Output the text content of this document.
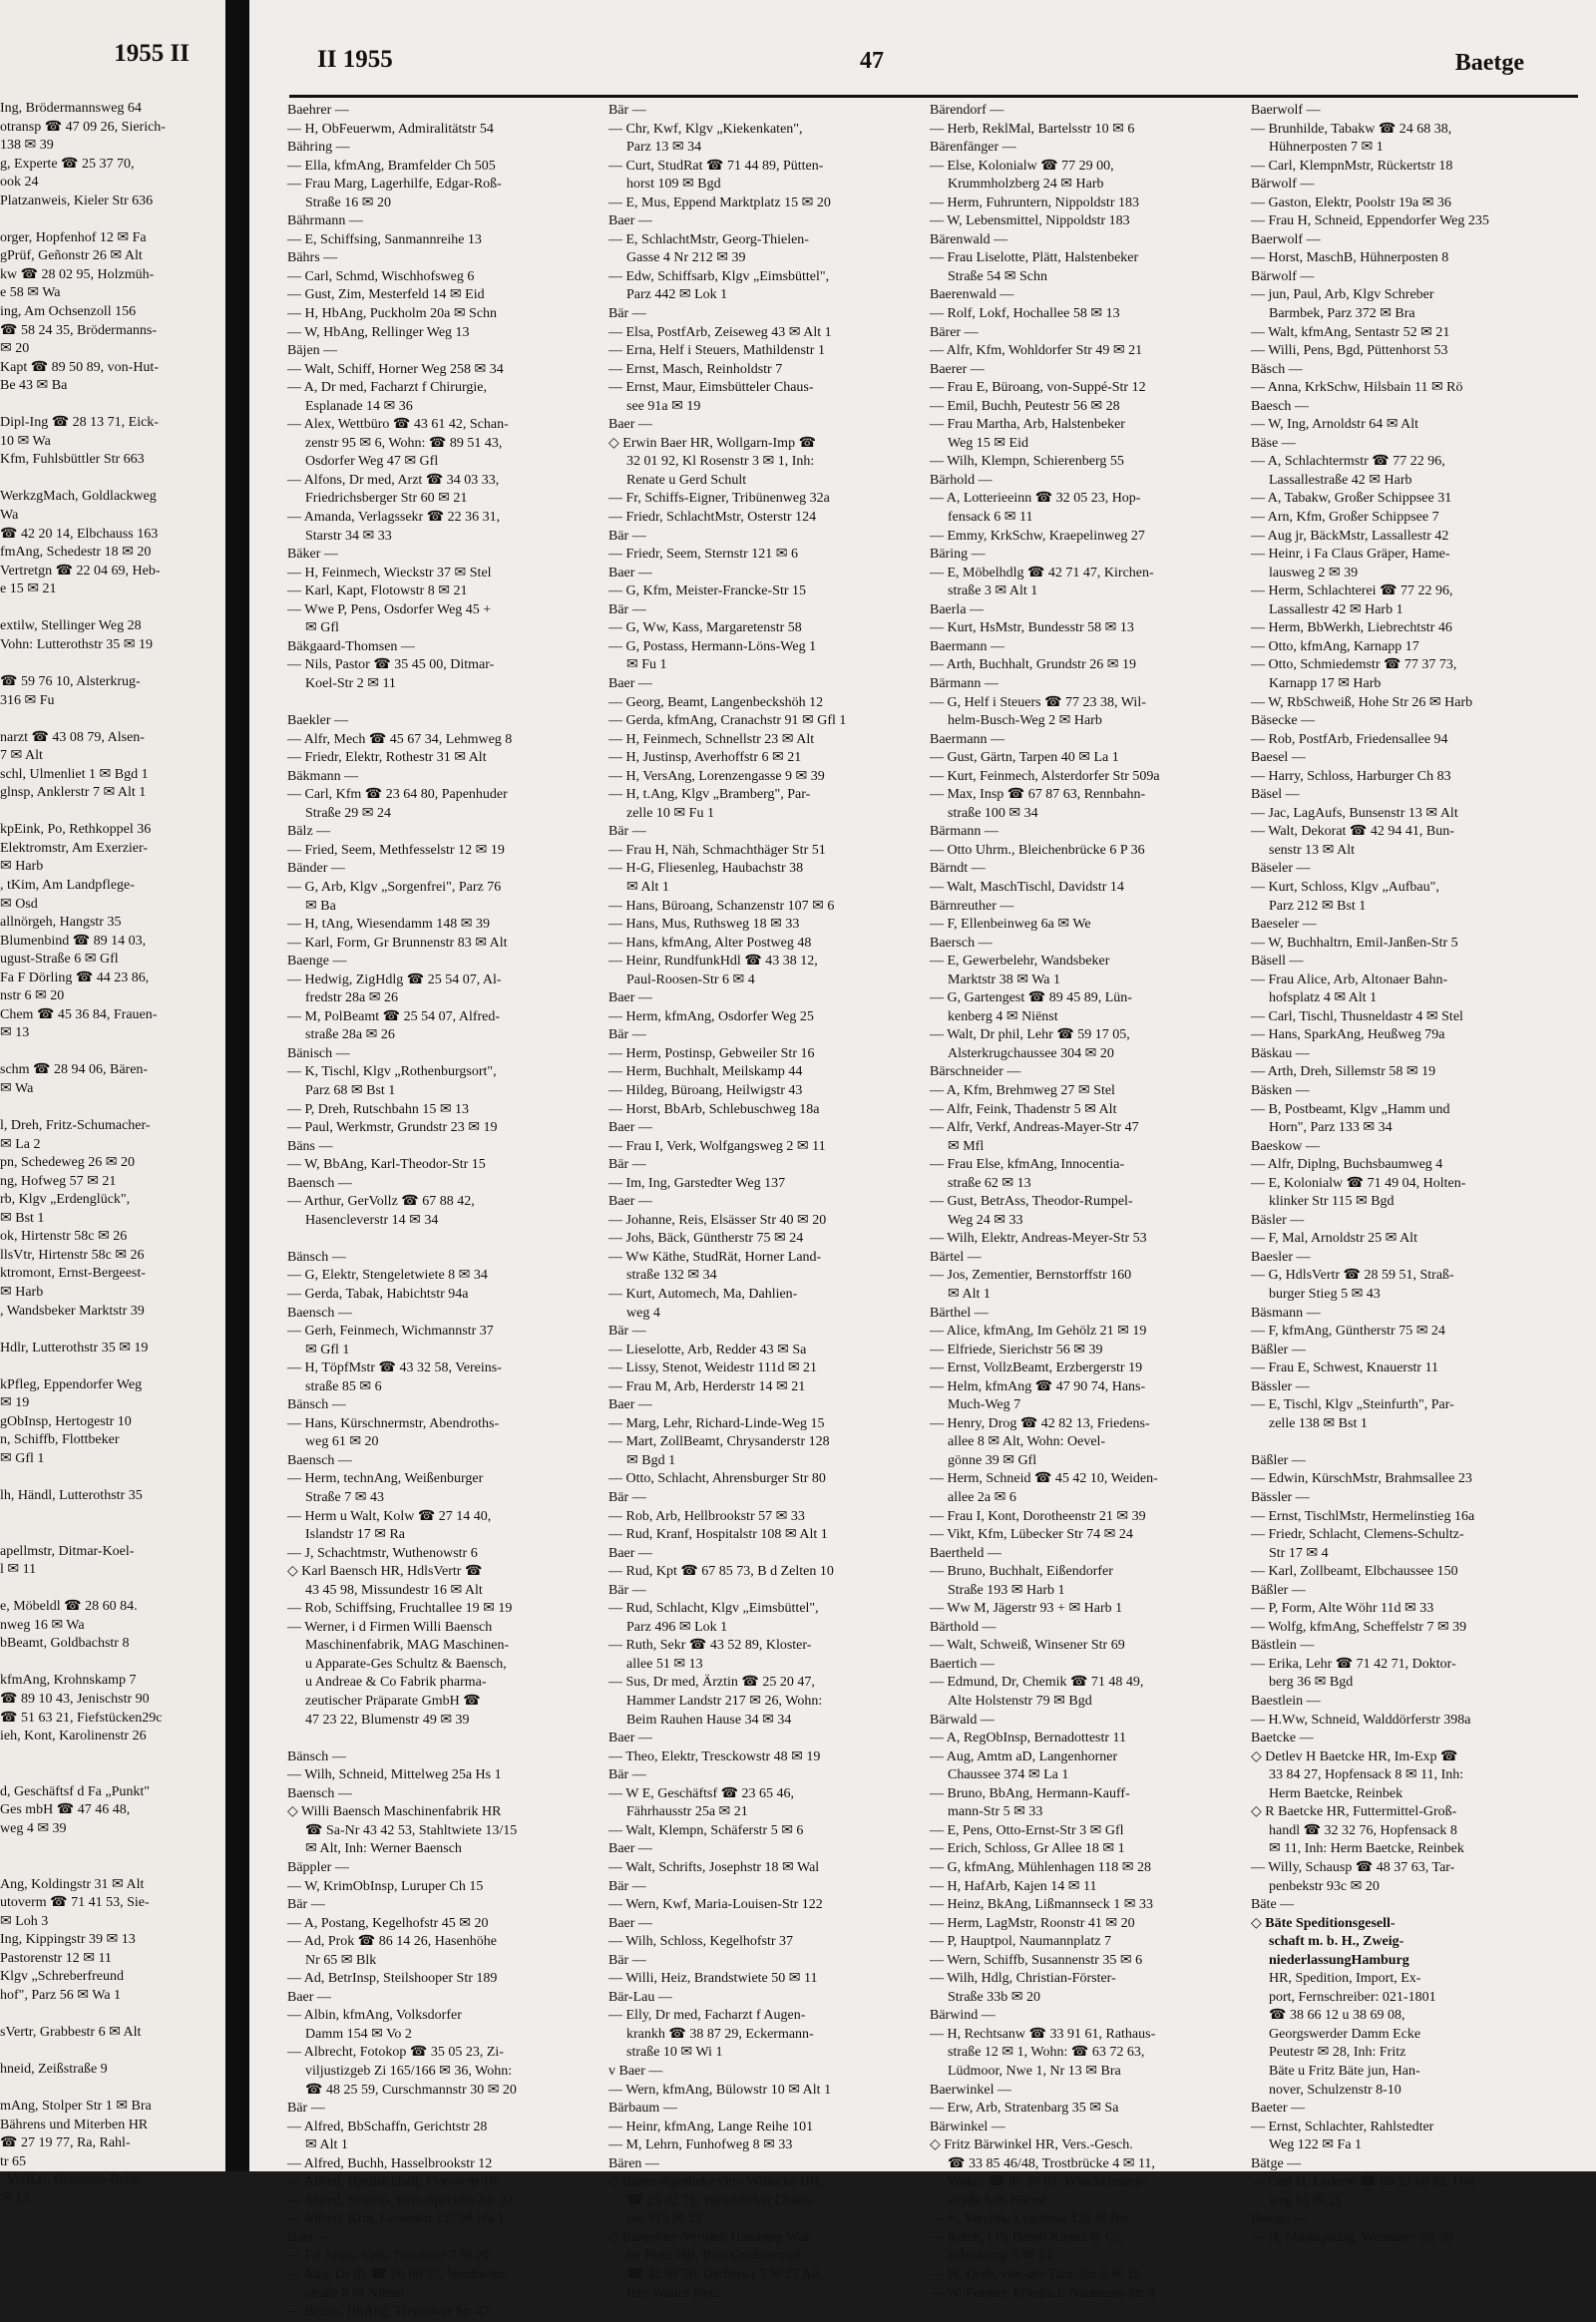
1955 II
Ing, Brödermannsweg 64
otransp ☎ 47 09 26, Sierich-
138 ✉ 39
g, Experte ☎ 25 37 70,
ook 24
Platzanweis, Kieler Str 636

orger, Hopfenhof 12 ✉ Fa
gPrüf, Geñonstr 26 ✉ Alt
kw ☎ 28 02 95, Holzmüh-
e 58 ✉ Wa
ing, Am Ochsenzoll 156
☎ 58 24 35, Brödermanns-
✉ 20
Kapt ☎ 89 50 89, von-Hut-
Be 43 ✉ Ba

Dipl-Ing ☎ 28 13 71, Eick-
10 ✉ Wa
Kfm, Fuhlsbüttler Str 663

WerkzgMach, Goldlackweg
Wa
☎ 42 20 14, Elbchauss 163
fmAng, Schedestr 18 ✉ 20
Vertretgn ☎ 22 04 69, Heb-
e 15 ✉ 21

extilw, Stellinger Weg 28
Vohn: Lutterothstr 35 ✉ 19

☎ 59 76 10, Alsterkrug-
316 ✉ Fu

narzt ☎ 43 08 79, Alsen-
7 ✉ Alt
schl, Ulmenliet 1 ✉ Bgd 1
glnsp, Anklerstr 7 ✉ Alt 1

kpEink, Po, Rethkoppel 36
Elektromstr, Am Exerzier-
✉ Harb
, tKim, Am Landpflege-
✉ Osd
allnörgeh, Hangstr 35
Blumenbind ☎ 89 14 03,
ugust-Straße 6 ✉ Gfl
Fa F Dörling ☎ 44 23 86,
nstr 6 ✉ 20
Chem ☎ 45 36 84, Frauen-
✉ 13

schm ☎ 28 94 06, Bären-
✉ Wa

l, Dreh, Fritz-Schumacher-
✉ La 2
pn, Schedeweg 26 ✉ 20
ng, Hofweg 57 ✉ 21
rb, Klgv „Erdenglück",
✉ Bst 1
ok, Hirtenstr 58c ✉ 26
llsVtr, Hirtenstr 58c ✉ 26
ktromont, Ernst-Bergeest-
✉ Harb
, Wandsbeker Marktstr 39

Hdlr, Lutterothstr 35 ✉ 19

kPfleg, Eppendorfer Weg
✉ 19
gObInsp, Hertogestr 10
n, Schiffb, Flottbeker
✉ Gfl 1

lh, Händl, Lutterothstr 35

apellmstr, Ditmar-Koel-
l ✉ 11

e, Möbeldl ☎ 28 60 84.
nweg 16 ✉ Wa
bBeamt, Goldbachstr 8

kfmAng, Krohnskamp 7
☎ 89 10 43, Jenischstr 90
☎ 51 63 21, Fiefstücken29c
ieh, Kont, Karolinenstr 26

d, Geschäftsf d Fa „Punkt"
Ges mbH ☎ 47 46 48,
weg 4 ✉ 39

Ang, Koldingstr 31 ✉ Alt
utoverm ☎ 71 41 53, Sie-
✉ Loh 3
Ing, Kippingstr 39 ✉ 13
Pastorenstr 12 ✉ 11
Klgv „Schreberfreund
hof", Parz 56 ✉ Wa 1

sVertr, Grabbestr 6 ✉ Alt

hneid, Zeißstraße 9

mAng, Stolper Str 1 ✉ Bra
Bährens und Miterben HR
☎ 27 19 77, Ra, Rahl-
tr 65
, VerlLtr, Hermann-Behn-
✉ 13
II 1955	47	Baetge
Baehrer —
— H, ObFeuerwm, Admiralitätstr 54
Bähring —
— Ella, kfmAng, Bramfelder Ch 505
— Frau Marg, Lagerhilfe, Edgar-Roß-
Straße 16 ✉ 20
Bährmann —
— E, Schiffsing, Sanmannreihe 13
Bährs —
— Carl, Schmd, Wischhofsweg 6
— Gust, Zim, Mesterfeld 14 ✉ Eid
— H, HbAng, Puckholm 20a ✉ Schn
— W, HbAng, Rellinger Weg 13
Bäjen —
— Walt, Schiff, Horner Weg 258 ✉ 34
— A, Dr med, Facharzt f Chirurgie,
Esplanade 14 ✉ 36
— Alex, Wettbüro ☎ 43 61 42, Schan-
zenstr 95 ✉ 6, Wohn: ☎ 89 51 43,
Osdorfer Weg 47 ✉ Gfl
— Alfons, Dr med, Arzt ☎ 34 03 33,
Friedrichsberger Str 60 ✉ 21
— Amanda, Verlagssekr ☎ 22 36 31,
Starstr 34 ✉ 33
Bäker —
— H, Feinmech, Wieckstr 37 ✉ Stel
— Karl, Kapt, Flotowstr 8 ✉ 21
— Wwe P, Pens, Osdorfer Weg 45 +
✉ Gfl
Bäkgaard-Thomsen —
— Nils, Pastor ☎ 35 45 00, Ditmar-
Koel-Str 2 ✉ 11

Baekler —
— Alfr, Mech ☎ 45 67 34, Lehmweg 8
— Friedr, Elektr, Rothestr 31 ✉ Alt
Bäkmann —
— Carl, Kfm ☎ 23 64 80, Papenhuder
Straße 29 ✉ 24
Bälz —
— Fried, Seem, Methfesselstr 12 ✉ 19
Bänder —
— G, Arb, Klgv „Sorgenfrei", Parz 76
✉ Ba
— H, tAng, Wiesendamm 148 ✉ 39
— Karl, Form, Gr Brunnenstr 83 ✉ Alt
Baenge —
— Hedwig, ZigHdlg ☎ 25 54 07, Al-
fredstr 28a ✉ 26
— M, PolBeamt ☎ 25 54 07, Alfred-
straße 28a ✉ 26
Bänisch —
— K, Tischl, Klgv „Rothenburgsort",
Parz 68 ✉ Bst 1
— P, Dreh, Rutschbahn 15 ✉ 13
— Paul, Werkmstr, Grundstr 23 ✉ 19
Bäns —
— W, BbAng, Karl-Theodor-Str 15
Baensch —
— Arthur, GerVollz ☎ 67 88 42,
Hasencleverstr 14 ✉ 34

Bänsch —
— G, Elektr, Stengeletwiete 8 ✉ 34
— Gerda, Tabak, Habichtstr 94a
Baensch —
— Gerh, Feinmech, Wichmannstr 37
✉ Gfl 1
— H, TöpfMstr ☎ 43 32 58, Vereins-
straße 85 ✉ 6
Bänsch —
— Hans, Kürschnermstr, Abendroths-
weg 61 ✉ 20
Baensch —
— Herm, technAng, Weißenburger
Straße 7 ✉ 43
— Herm u Walt, Kolw ☎ 27 14 40,
Islandstr 17 ✉ Ra
— J, Schachtmstr, Wuthenowstr 6
◇ Karl Baensch HR, HdlsVertr ☎
43 45 98, Missundestr 16 ✉ Alt
— Rob, Schiffsing, Fruchtallee 19 ✉ 19
— Werner, i d Firmen Willi Baensch
Maschinenfabrik, MAG Maschinen-
u Apparate-Ges Schultz & Baensch,
u Andreae & Co Fabrik pharma-
zeutischer Präparate GmbH ☎
47 23 22, Blumenstr 49 ✉ 39

Bänsch —
— Wilh, Schneid, Mittelweg 25a Hs 1
Baensch —
◇ Willi Baensch Maschinenfabrik HR
☎ Sa-Nr 43 42 53, Stahltwiete 13/15
✉ Alt, Inh: Werner Baensch
Bäppler —
— W, KrimObInsp, Luruper Ch 15
Bär —
— A, Postang, Kegelhofstr 45 ✉ 20
— Ad, Prok ☎ 86 14 26, Hasenhöhe
Nr 65 ✉ Blk
— Ad, BetrInsp, Steilshooper Str 189
Baer —
— Albin, kfmAng, Volksdorfer
Damm 154 ✉ Vo 2
— Albrecht, Fotokop ☎ 35 05 23, Zi-
viljustizgeb Zi 165/166 ✉ 36, Wohn:
☎ 48 25 59, Curschmannstr 30 ✉ 20
Bär —
— Alfred, BbSchaffn, Gerichtstr 28
✉ Alt 1
— Alfred, Buchh, Hasselbrookstr 12
— Alfred, HptBuchhalt, Flotowstr 16
— Alfred, Schloss, Otto-Speckter-Str 24
— Alfred, Kfm, Lessenstr 127 ✉ Wa 1
Baer —
— Frl Anna, Verk, Nissenstr 7 ✉ 20
— Aug, Dr iR ☎ 86 08 33, Nordheim-
straße 8 ✉ Niënst
— Bruno, HbAng, Treptower Str 47
Bär —
— Chr, Kwf, Klgv „Kiekenkaten",
Parz 13 ✉ 34
— Curt, StudRat ☎ 71 44 89, Pütten-
horst 109 ✉ Bgd
— E, Mus, Eppend Marktplatz 15 ✉ 20
Baer —
— E, SchlachtMstr, Georg-Thielen-
Gasse 4 Nr 212 ✉ 39
— Edw, Schiffsarb, Klgv „Eimsbüttel",
Parz 442 ✉ Lok 1
Bär —
— Elsa, PostfArb, Zeiseweg 43 ✉ Alt 1
— Erna, Helf i Steuers, Mathildenstr 1
— Ernst, Masch, Reinholdstr 7
— Ernst, Maur, Eimsbütteler Chaus-
see 91a ✉ 19
Baer —
◇ Erwin Baer HR, Wollgarn-Imp ☎
32 01 92, Kl Rosenstr 3 ✉ 1, Inh:
Renate u Gerd Schult
— Fr, Schiffs-Eigner, Tribünenweg 32a
— Friedr, SchlachtMstr, Osterstr 124
Bär —
— Friedr, Seem, Sternstr 121 ✉ 6
Baer —
— G, Kfm, Meister-Francke-Str 15
Bär —
— G, Ww, Kass, Margaretenstr 58
— G, Postass, Hermann-Löns-Weg 1
✉ Fu 1
Baer —
— Georg, Beamt, Langenbeckshöh 12
— Gerda, kfmAng, Cranachstr 91 ✉ Gfl 1
— H, Feinmech, Schnellstr 23 ✉ Alt
— H, Justinsp, Averhoffstr 6 ✉ 21
— H, VersAng, Lorenzengasse 9 ✉ 39
— H, t.Ang, Klgv „Bramberg", Par-
zelle 10 ✉ Fu 1
Bär —
— Frau H, Näh, Schmachthäger Str 51
— H-G, Fliesenleg, Haubachstr 38
✉ Alt 1
— Hans, Büroang, Schanzenstr 107 ✉ 6
— Hans, Mus, Ruthsweg 18 ✉ 33
— Hans, kfmAng, Alter Postweg 48
— Heinr, RundfunkHdl ☎ 43 38 12,
Paul-Roosen-Str 6 ✉ 4
Baer —
— Herm, kfmAng, Osdorfer Weg 25
Bär —
— Herm, Postinsp, Gebweiler Str 16
— Herm, Buchhalt, Meilskamp 44
— Hildeg, Büroang, Heilwigstr 43
— Horst, BbArb, Schlebuschweg 18a
Baer —
— Frau I, Verk, Wolfgangsweg 2 ✉ 11
Bär —
— Im, Ing, Garstedter Weg 137
Baer —
— Johanne, Reis, Elsässer Str 40 ✉ 20
— Johs, Bäck, Güntherstr 75 ✉ 24
— Ww Käthe, StudRät, Horner Land-
straße 132 ✉ 34
— Kurt, Automech, Ma, Dahlien-
weg 4
Bär —
— Lieselotte, Arb, Redder 43 ✉ Sa
— Lissy, Stenot, Weidestr 111d ✉ 21
— Frau M, Arb, Herderstr 14 ✉ 21
Baer —
— Marg, Lehr, Richard-Linde-Weg 15
— Mart, ZollBeamt, Chrysanderstr 128
✉ Bgd 1
— Otto, Schlacht, Ahrensburger Str 80
Bär —
— Rob, Arb, Hellbrookstr 57 ✉ 33
— Rud, Kranf, Hospitalstr 108 ✉ Alt 1
Baer —
— Rud, Kpt ☎ 67 85 73, B d Zelten 10
Bär —
— Rud, Schlacht, Klgv „Eimsbüttel",
Parz 496 ✉ Lok 1
— Ruth, Sekr ☎ 43 52 89, Kloster-
allee 51 ✉ 13
— Sus, Dr med, Ärztin ☎ 25 20 47,
Hammer Landstr 217 ✉ 26, Wohn:
Beim Rauhen Hause 34 ✉ 34
Baer —
— Theo, Elektr, Tresckowstr 48 ✉ 19
Bär —
— W E, Geschäftsf ☎ 23 65 46,
Fährhausstr 25a ✉ 21
— Walt, Klempn, Schäferstr 5 ✉ 6
Baer —
— Walt, Schrifts, Josephstr 18 ✉ Wal
Bär —
— Wern, Kwf, Maria-Louisen-Str 122
Baer —
— Wilh, Schloss, Kegelhofstr 37
Bär —
— Willi, Heiz, Brandstwiete 50 ✉ 11
Bär-Lau —
— Elly, Dr med, Facharzt f Augen-
krankh ☎ 38 87 29, Eckermann-
straße 10 ✉ Wi 1
v Baer —
— Wern, kfmAng, Bülowstr 10 ✉ Alt 1
Bärbaum —
— Heinr, kfmAng, Lange Reihe 101
— M, Lehrn, Funhofweg 8 ✉ 33
Bären —
◇ Bären-Apotheke Otto Willecke HR,
☎ 25 32 71, Wandsbeker Chaus-
see 313 ✉ 23
◇ Bärenbier-Vertrieb Hamburg Wal-
ter Pietz HR, Bier-Großvertrieb
☎ 42 09 70, Gerberstr 5 ✉ 27 Alt,
Inh: Walter Pietz
Bärendorf —
— Herb, ReklMal, Bartelsstr 10 ✉ 6
Bärenfänger —
— Else, Kolonialw ☎ 77 29 00,
Krummholzberg 24 ✉ Harb
— Herm, Fuhruntern, Nippoldstr 183
— W, Lebensmittel, Nippoldstr 183
Bärenwald —
— Frau Liselotte, Plätt, Halstenbeker
Straße 54 ✉ Schn
Baerenwald —
— Rolf, Lokf, Hochallee 58 ✉ 13
Bärer —
— Alfr, Kfm, Wohldorfer Str 49 ✉ 21
Baerer —
— Frau E, Büroang, von-Suppé-Str 12
— Emil, Buchh, Peutestr 56 ✉ 28
— Frau Martha, Arb, Halstenbeker
Weg 15 ✉ Eid
— Wilh, Klempn, Schierenberg 55
Bärhold —
— A, Lotterieeinn ☎ 32 05 23, Hop-
fensack 6 ✉ 11
— Emmy, KrkSchw, Kraepelinweg 27
Bäring —
— E, Möbelhdlg ☎ 42 71 47, Kirchen-
straße 3 ✉ Alt 1
Baerla —
— Kurt, HsMstr, Bundesstr 58 ✉ 13
Baermann —
— Arth, Buchhalt, Grundstr 26 ✉ 19
Bärmann —
— G, Helf i Steuers ☎ 77 23 38, Wil-
helm-Busch-Weg 2 ✉ Harb
Baermann —
— Gust, Gärtn, Tarpen 40 ✉ La 1
— Kurt, Feinmech, Alsterdorfer Str 509a
— Max, Insp ☎ 67 87 63, Rennbahn-
straße 100 ✉ 34
Bärmann —
— Otto Uhrm., Bleichenbrücke 6 P 36
Bärndt —
— Walt, MaschTischl, Davidstr 14
Bärnreuther —
— F, Ellenbeinweg 6a ✉ We
Baersch —
— E, Gewerbelehr, Wandsbeker
Marktstr 38 ✉ Wa 1
— G, Gartengest ☎ 89 45 89, Lün-
kenberg 4 ✉ Niënst
— Walt, Dr phil, Lehr ☎ 59 17 05,
Alsterkrugchaussee 304 ✉ 20
Bärschneider —
— A, Kfm, Brehmweg 27 ✉ Stel
— Alfr, Feink, Thadenstr 5 ✉ Alt
— Alfr, Verkf, Andreas-Mayer-Str 47
✉ Mfl
— Frau Else, kfmAng, Innocentia-
straße 62 ✉ 13
— Gust, BetrAss, Theodor-Rumpel-
Weg 24 ✉ 33
— Wilh, Elektr, Andreas-Meyer-Str 53
Bärtel —
— Jos, Zementier, Bernstorffstr 160
✉ Alt 1
Bärthel —
— Alice, kfmAng, Im Gehölz 21 ✉ 19
— Elfriede, Sierichstr 56 ✉ 39
— Ernst, VollzBeamt, Erzbergerstr 19
— Helm, kfmAng ☎ 47 90 74, Hans-
Much-Weg 7
— Henry, Drog ☎ 42 82 13, Friedens-
allee 8 ✉ Alt, Wohn: Oevel-
gönne 39 ✉ Gfl
— Herm, Schneid ☎ 45 42 10, Weiden-
allee 2a ✉ 6
— Frau I, Kont, Dorotheenstr 21 ✉ 39
— Vikt, Kfm, Lübecker Str 74 ✉ 24
Baertheld —
— Bruno, Buchhalt, Eißendorfer
Straße 193 ✉ Harb 1
— Ww M, Jägerstr 93 + ✉ Harb 1
Bärthold —
— Walt, Schweiß, Winsener Str 69
Baertich —
— Edmund, Dr, Chemik ☎ 71 48 49,
Alte Holstenstr 79 ✉ Bgd
Bärwald —
— A, RegObInsp, Bernadottestr 11
— Aug, Amtm aD, Langenhorner
Chaussee 374 ✉ La 1
— Bruno, BbAng, Hermann-Kauff-
mann-Str 5 ✉ 33
— E, Pens, Otto-Ernst-Str 3 ✉ Gfl
— Erich, Schloss, Gr Allee 18 ✉ 1
— G, kfmAng, Mühlenhagen 118 ✉ 28
— H, HafArb, Kajen 14 ✉ 11
— Heinz, BkAng, Lißmannseck 1 ✉ 33
— Herm, LagMstr, Roonstr 41 ✉ 20
— P, Hauptpol, Naumannplatz 7
— Wern, Schiffb, Susannenstr 35 ✉ 6
— Wilh, Hdlg, Christian-Förster-
Straße 33b ✉ 20
Bärwind —
— H, Rechtsanw ☎ 33 91 61, Rathaus-
straße 12 ✉ 1, Wohn: ☎ 63 72 63,
Lüdmoor, Nwe 1, Nr 13 ✉ Bra
Baerwinkel —
— Erw, Arb, Stratenbarg 35 ✉ Sa
Bärwinkel —
◇ Fritz Bärwinkel HR, Vers.-Gesch.
☎ 33 85 46/48, Trostbrücke 4 ✉ 11,
Wohn: ☎ 86 36 01, Winckelmann-
straße 5 ✉ Niënst
— K, Verzink, Legienstr 128 ✉ Bst
— Reinh, i Fa Bernh Kleinz & Co,
Erlenkamp 5 ✉ 24
— W, Dreh, von-der-Tann-Str 9 ✉ 19
— W, Former, Friedrich-Naumann-Str 4
Baerwolf —
— Brunhilde, Tabakw ☎ 24 68 38,
Hühnerposten 7 ✉ 1
— Carl, KlempnMstr, Rückertstr 18
Bärwolf —
— Gaston, Elektr, Poolstr 19a ✉ 36
— Frau H, Schneid, Eppendorfer Weg 235
Baerwolf —
— Horst, MaschB, Hühnerposten 8
Bärwolf —
— jun, Paul, Arb, Klgv Schreber
Barmbek, Parz 372 ✉ Bra
— Walt, kfmAng, Sentastr 52 ✉ 21
— Willi, Pens, Bgd, Püttenhorst 53
Bäsch —
— Anna, KrkSchw, Hilsbain 11 ✉ Rö
Baesch —
— W, Ing, Arnoldstr 64 ✉ Alt
Bäse —
— A, Schlachtermstr ☎ 77 22 96,
Lassallestraße 42 ✉ Harb
— A, Tabakw, Großer Schippsee 31
— Arn, Kfm, Großer Schippsee 7
— Aug jr, BäckMstr, Lassallestr 42
— Heinr, i Fa Claus Gräper, Hame-
lausweg 2 ✉ 39
— Herm, Schlachterei ☎ 77 22 96,
Lassallestr 42 ✉ Harb 1
— Herm, BbWerkh, Liebrechtstr 46
— Otto, kfmAng, Karnapp 17
— Otto, Schmiedemstr ☎ 77 37 73,
Karnapp 17 ✉ Harb
— W, RbSchweiß, Hohe Str 26 ✉ Harb
Bäsecke —
— Rob, PostfArb, Friedensallee 94
Baesel —
— Harry, Schloss, Harburger Ch 83
Bäsel —
— Jac, LagAufs, Bunsenstr 13 ✉ Alt
— Walt, Dekorat ☎ 42 94 41, Bun-
senstr 13 ✉ Alt
Bäseler —
— Kurt, Schloss, Klgv „Aufbau",
Parz 212 ✉ Bst 1
Baeseler —
— W, Buchhaltrn, Emil-Janßen-Str 5
Bäsell —
— Frau Alice, Arb, Altonaer Bahn-
hofsplatz 4 ✉ Alt 1
— Carl, Tischl, Thusneldastr 4 ✉ Stel
— Hans, SparkAng, Heußweg 79a
Bäskau —
— Arth, Dreh, Sillemstr 58 ✉ 19
Bäsken —
— B, Postbeamt, Klgv „Hamm und
Horn", Parz 133 ✉ 34
Baeskow —
— Alfr, Diplng, Buchsbaumweg 4
— E, Kolonialw ☎ 71 49 04, Holten-
klinker Str 115 ✉ Bgd
Bäsler —
— F, Mal, Arnoldstr 25 ✉ Alt
Baesler —
— G, HdlsVertr ☎ 28 59 51, Straß-
burger Stieg 5 ✉ 43
Bäsmann —
— F, kfmAng, Güntherstr 75 ✉ 24
Bäßler —
— Frau E, Schwest, Knauerstr 11
Bässler —
— E, Tischl, Klgv „Steinfurth", Par-
zelle 138 ✉ Bst 1

Bäßler —
— Edwin, KürschMstr, Brahmsallee 23
Bässler —
— Ernst, TischlMstr, Hermelinstieg 16a
— Friedr, Schlacht, Clemens-Schultz-
Str 17 ✉ 4
— Karl, Zollbeamt, Elbchaussee 150
Bäßler —
— P, Form, Alte Wöhr 11d ✉ 33
— Wolfg, kfmAng, Scheffelstr 7 ✉ 39
Bästlein —
— Erika, Lehr ☎ 71 42 71, Doktor-
berg 36 ✉ Bgd
Baestlein —
— H.Ww, Schneid, Walddörferstr 398a
Baetcke —
◇ Detlev H Baetcke HR, Im-Exp ☎
33 84 27, Hopfensack 8 ✉ 11, Inh:
Herm Baetcke, Reinbek
◇ R Baetcke HR, Futtermittel-Groß-
handl ☎ 32 32 76, Hopfensack 8
✉ 11, Inh: Herm Baetcke, Reinbek
— Willy, Schausp ☎ 48 37 63, Tar-
penbekstr 93c ✉ 20
Bäte —
◇ Bäte Speditionsgesell-
schaft m. b. H., Zweig-
niederlassungHamburg
HR, Spedition, Import, Ex-
port, Fernschreiber: 021-1801
☎ 38 66 12 u 38 69 08,
Georgswerder Damm Ecke
Peutestr ✉ 28, Inh: Fritz
Bäte u Fritz Bäte jun, Han-
nover, Schulzenstr 8-10
Baeter —
— Ernst, Schlachter, Rahlstedter
Weg 122 ✉ Fa 1
Bätge —
— Carl H, Lederw ☎ üb 23 68 32, Hof-
weg 65 ✉ 21
Baetge —
— H, Musikpädag, Weimarer Str 59
